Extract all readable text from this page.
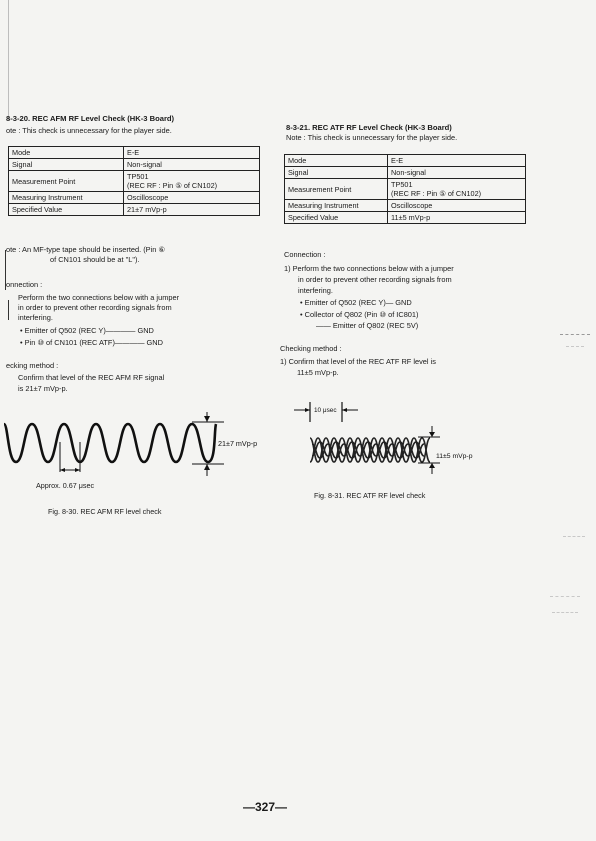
8-3-20. REC AFM RF Level Check (HK-3 Board)
ote : This check is unnecessary for the player side.
Mode	E-E
Signal	Non-signal
Measurement Point	TP501
(REC RF : Pin ⑤ of CN102)
Measuring Instrument	Oscilloscope
Specified Value	21±7 mVp-p
ote : An MF-type tape should be inserted. (Pin ⑥
of CN101 should be at "L").
onnection :
Perform the two connections below with a jumper
in order to prevent other recording signals from
interfering.
• Emitter of Q502 (REC Y)———— GND
• Pin ⑩ of CN101 (REC ATF)———— GND
ecking method :
Confirm that level of the REC AFM RF signal
is 21±7 mVp-p.
21±7 mVp-p
Approx. 0.67 μsec
Fig. 8-30. REC AFM RF level check
8-3-21. REC ATF RF Level Check (HK-3 Board)
Note : This check is unnecessary for the player side.
Mode	E-E
Signal	Non-signal
Measurement Point	TP501
(REC RF : Pin ⑤ of CN102)
Measuring Instrument	Oscilloscope
Specified Value	11±5 mVp-p
Connection :
1) Perform the two connections below with a jumper
in order to prevent other recording signals from
interfering.
• Emitter of Q502 (REC Y)— GND
• Collector of Q802 (Pin ⑩ of IC801)
—— Emitter of Q802 (REC 5V)
Checking method :
1) Confirm that level of the REC ATF RF level is
11±5 mVp-p.
10 μsec
11±5 mVp-p
Fig. 8-31. REC ATF RF level check
—327—
